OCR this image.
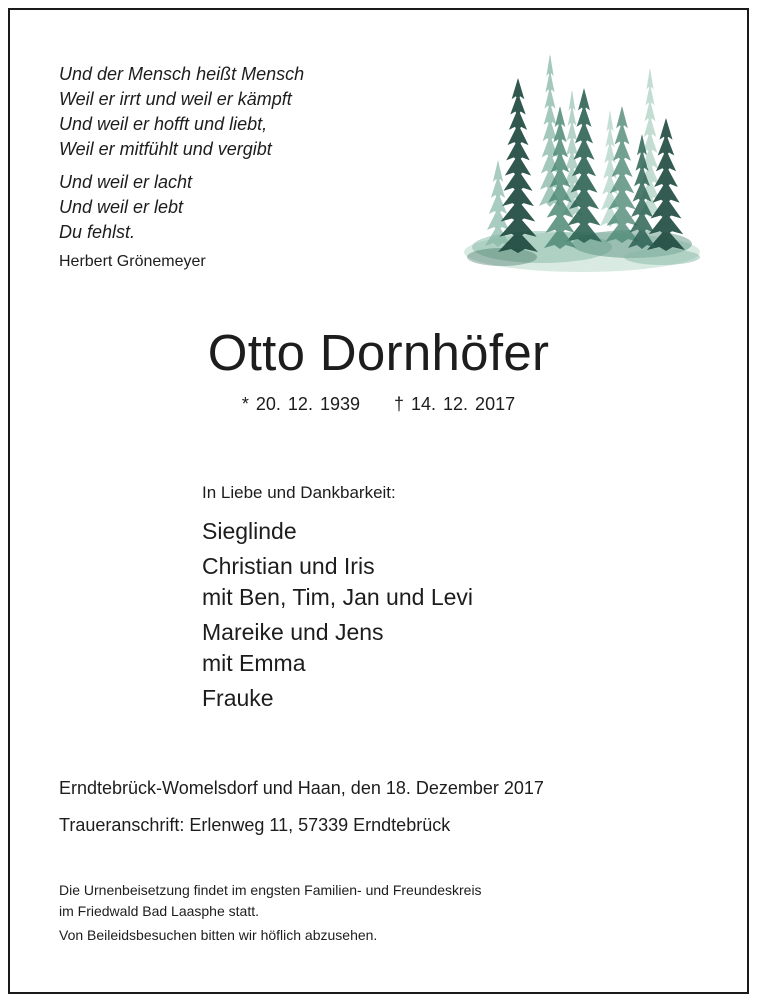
Und der Mensch heißt Mensch
Weil er irrt und weil er kämpft
Und weil er hofft und liebt,
Weil er mitfühlt und vergibt

Und weil er lacht
Und weil er lebt
Du fehlst.

Herbert Grönemeyer

Otto Dornhöfer

* 20. 12. 1939 † 14. 12. 2017

In Liebe und Dankbarkeit:

Sieglinde

Christian und Iris
mit Ben, Tim, Jan und Levi

Mareike und Jens
mit Emma

Frauke

Erndtebrück-Womelsdorf und Haan, den 18. Dezember 2017

Traueranschrift: Erlenweg 11, 57339 Erndtebrück

Die Urnenbeisetzung findet im engsten Familien- und Freundeskreis
im Friedwald Bad Laasphe statt.

Von Beileidsbesuchen bitten wir höflich abzusehen.
